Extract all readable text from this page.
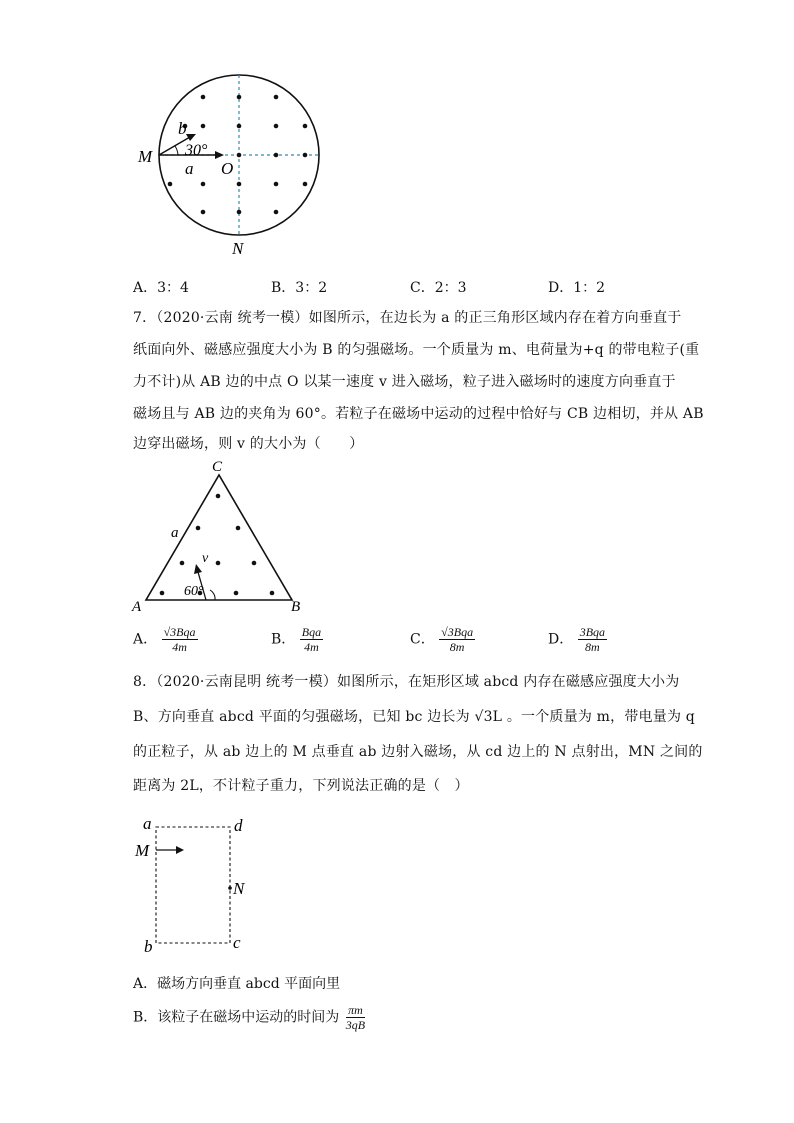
M
b
30°
a O
N
A．3：4	B．3：2	C．2：3	D．1：2
7．（2020·云南 统考一模）如图所示，在边长为 a 的正三角形区域内存在着方向垂直于
纸面向外、磁感应强度大小为 B 的匀强磁场。一个质量为 m、电荷量为+q 的带电粒子(重
力不计)从 AB 边的中点 O 以某一速度 v 进入磁场，粒子进入磁场时的速度方向垂直于
磁场且与 AB 边的夹角为 60°。若粒子在磁场中运动的过程中恰好与 CB 边相切，并从 AB
边穿出磁场，则 v 的大小为（　　）
C
a
v
60°
A	B
A． $\frac{\text{√3Bqa}}{4m}$	B． $\frac{\text{Bqa}}{4m}$	C． $\frac{\text{√3Bqa}}{8m}$	D． $\frac{\text{3Bqa}}{8m}$
8．（2020·云南昆明 统考一模）如图所示，在矩形区域 abcd 内存在磁感应强度大小为
B、方向垂直 abcd 平面的匀强磁场，已知 bc 边长为 √3L 。一个质量为 m，带电量为 q
的正粒子，从 ab 边上的 M 点垂直 ab 边射入磁场，从 cd 边上的 N 点射出，MN 之间的
距离为 2L，不计粒子重力，下列说法正确的是（　）
a	d
M
N
b	c
A．磁场方向垂直 abcd 平面向里
B．该粒子在磁场中运动的时间为 $\frac{\pi m}{3qB}$
